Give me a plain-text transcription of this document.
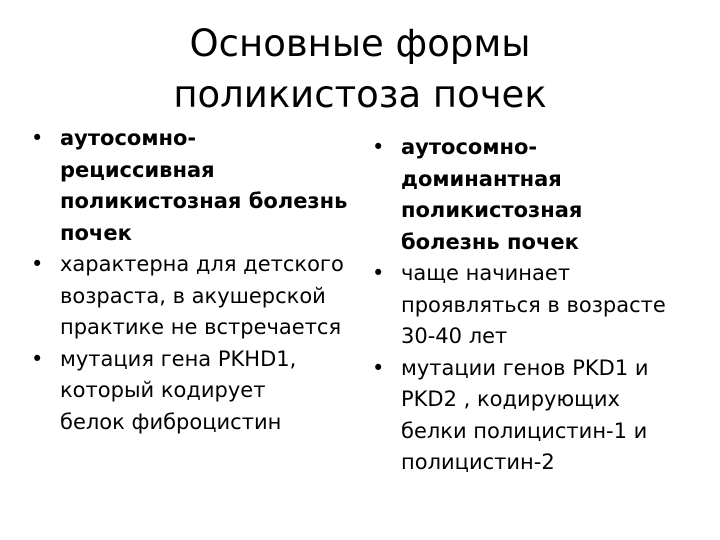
Основные формы
поликистоза почек
• аутосомно-
рециссивная
поликистозная болезнь
почек
• характерна для детского
возраста, в акушерской
практике не встречается
• мутация гена PKHD1,
который кодирует
белок фиброцистин
• аутосомно-
доминантная
поликистозная
болезнь почек
• чаще начинает
проявляться в возрасте
30-40 лет
• мутации генов PKD1 и
PKD2 , кодирующих
белки полицистин-1 и
полицистин-2
